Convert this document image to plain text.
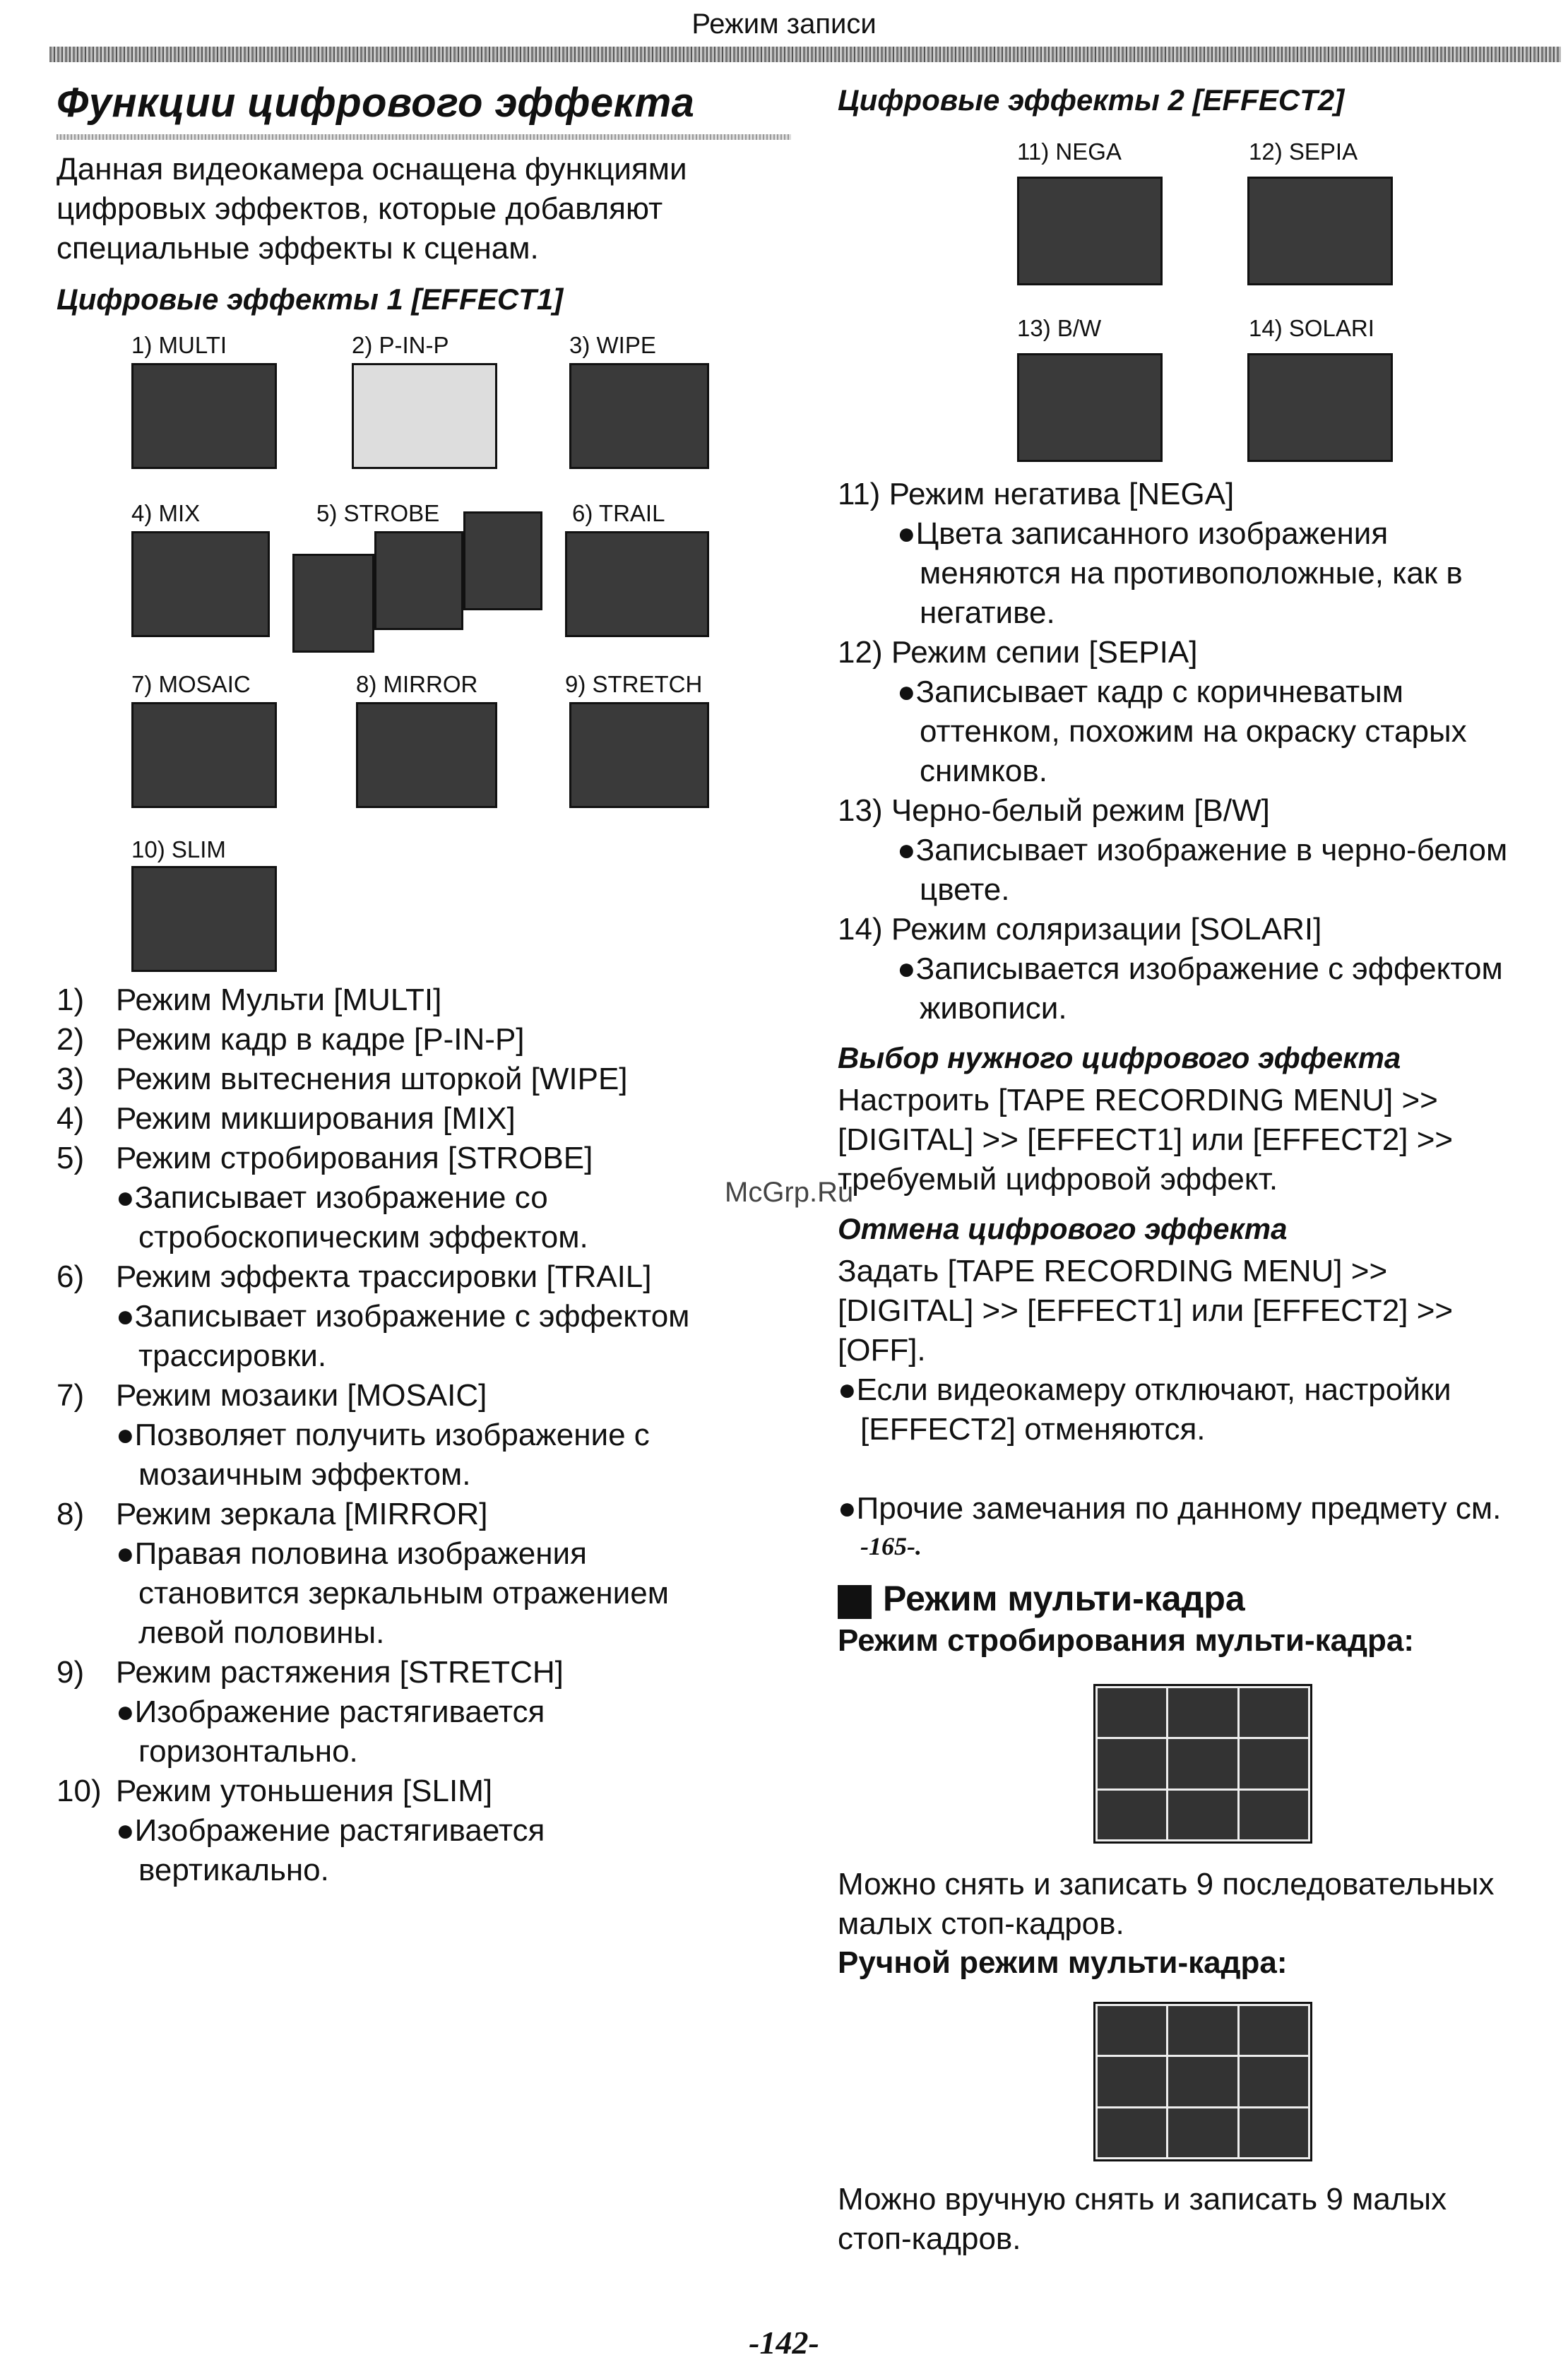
Режим записи
Функции цифрового эффекта
Данная видеокамера оснащена функциями
цифровых эффектов, которые добавляют
специальные эффекты к сценам.
Цифровые эффекты 1 [EFFECT1]
1) MULTI	2) P-IN-P	3) WIPE
4) MIX	5) STROBE	6) TRAIL
7) MOSAIC	8) MIRROR	9) STRETCH
10) SLIM
1) Режим Мульти [MULTI]
2) Режим кадр в кадре [P-IN-P]
3) Режим вытеснения шторкой [WIPE]
4) Режим микширования [MIX]
5) Режим стробирования [STROBE]
●Записывает изображение со
стробоскопическим эффектом.
6) Режим эффекта трассировки [TRAIL]
●Записывает изображение с эффектом
трассировки.
7) Режим мозаики [MOSAIC]
●Позволяет получить изображение с
мозаичным эффектом.
8) Режим зеркала [MIRROR]
●Правая половина изображения
становится зеркальным отражением
левой половины.
9) Режим растяжения [STRETCH]
●Изображение растягивается
горизонтально.
10) Режим утоньшения [SLIM]
●Изображение растягивается
вертикально.
Цифровые эффекты 2 [EFFECT2]
11) NEGA	12) SEPIA
13) B/W	14) SOLARI
11) Режим негатива [NEGA]
●Цвета записанного изображения
меняются на противоположные, как в
негативе.
12) Режим сепии [SEPIA]
●Записывает кадр с коричневатым
оттенком, похожим на окраску старых
снимков.
13) Черно-белый режим [B/W]
●Записывает изображение в черно-белом
цвете.
14) Режим соляризации [SOLARI]
●Записывается изображение с эффектом
живописи.
Выбор нужного цифрового эффекта
Настроить [TAPE RECORDING MENU] >>
[DIGITAL] >> [EFFECT1] или [EFFECT2] >>
требуемый цифровой эффект.
McGrp.Ru
Отмена цифрового эффекта
Задать [TAPE RECORDING MENU] >>
[DIGITAL] >> [EFFECT1] или [EFFECT2] >>
[OFF].
●Если видеокамеру отключают, настройки
[EFFECT2] отменяются.
●Прочие замечания по данному предмету см.
-165-.
Режим мульти-кадра
Режим стробирования мульти-кадра:
Можно снять и записать 9 последовательных
малых стоп-кадров.
Ручной режим мульти-кадра:
Можно вручную снять и записать 9 малых
стоп-кадров.
-142-
